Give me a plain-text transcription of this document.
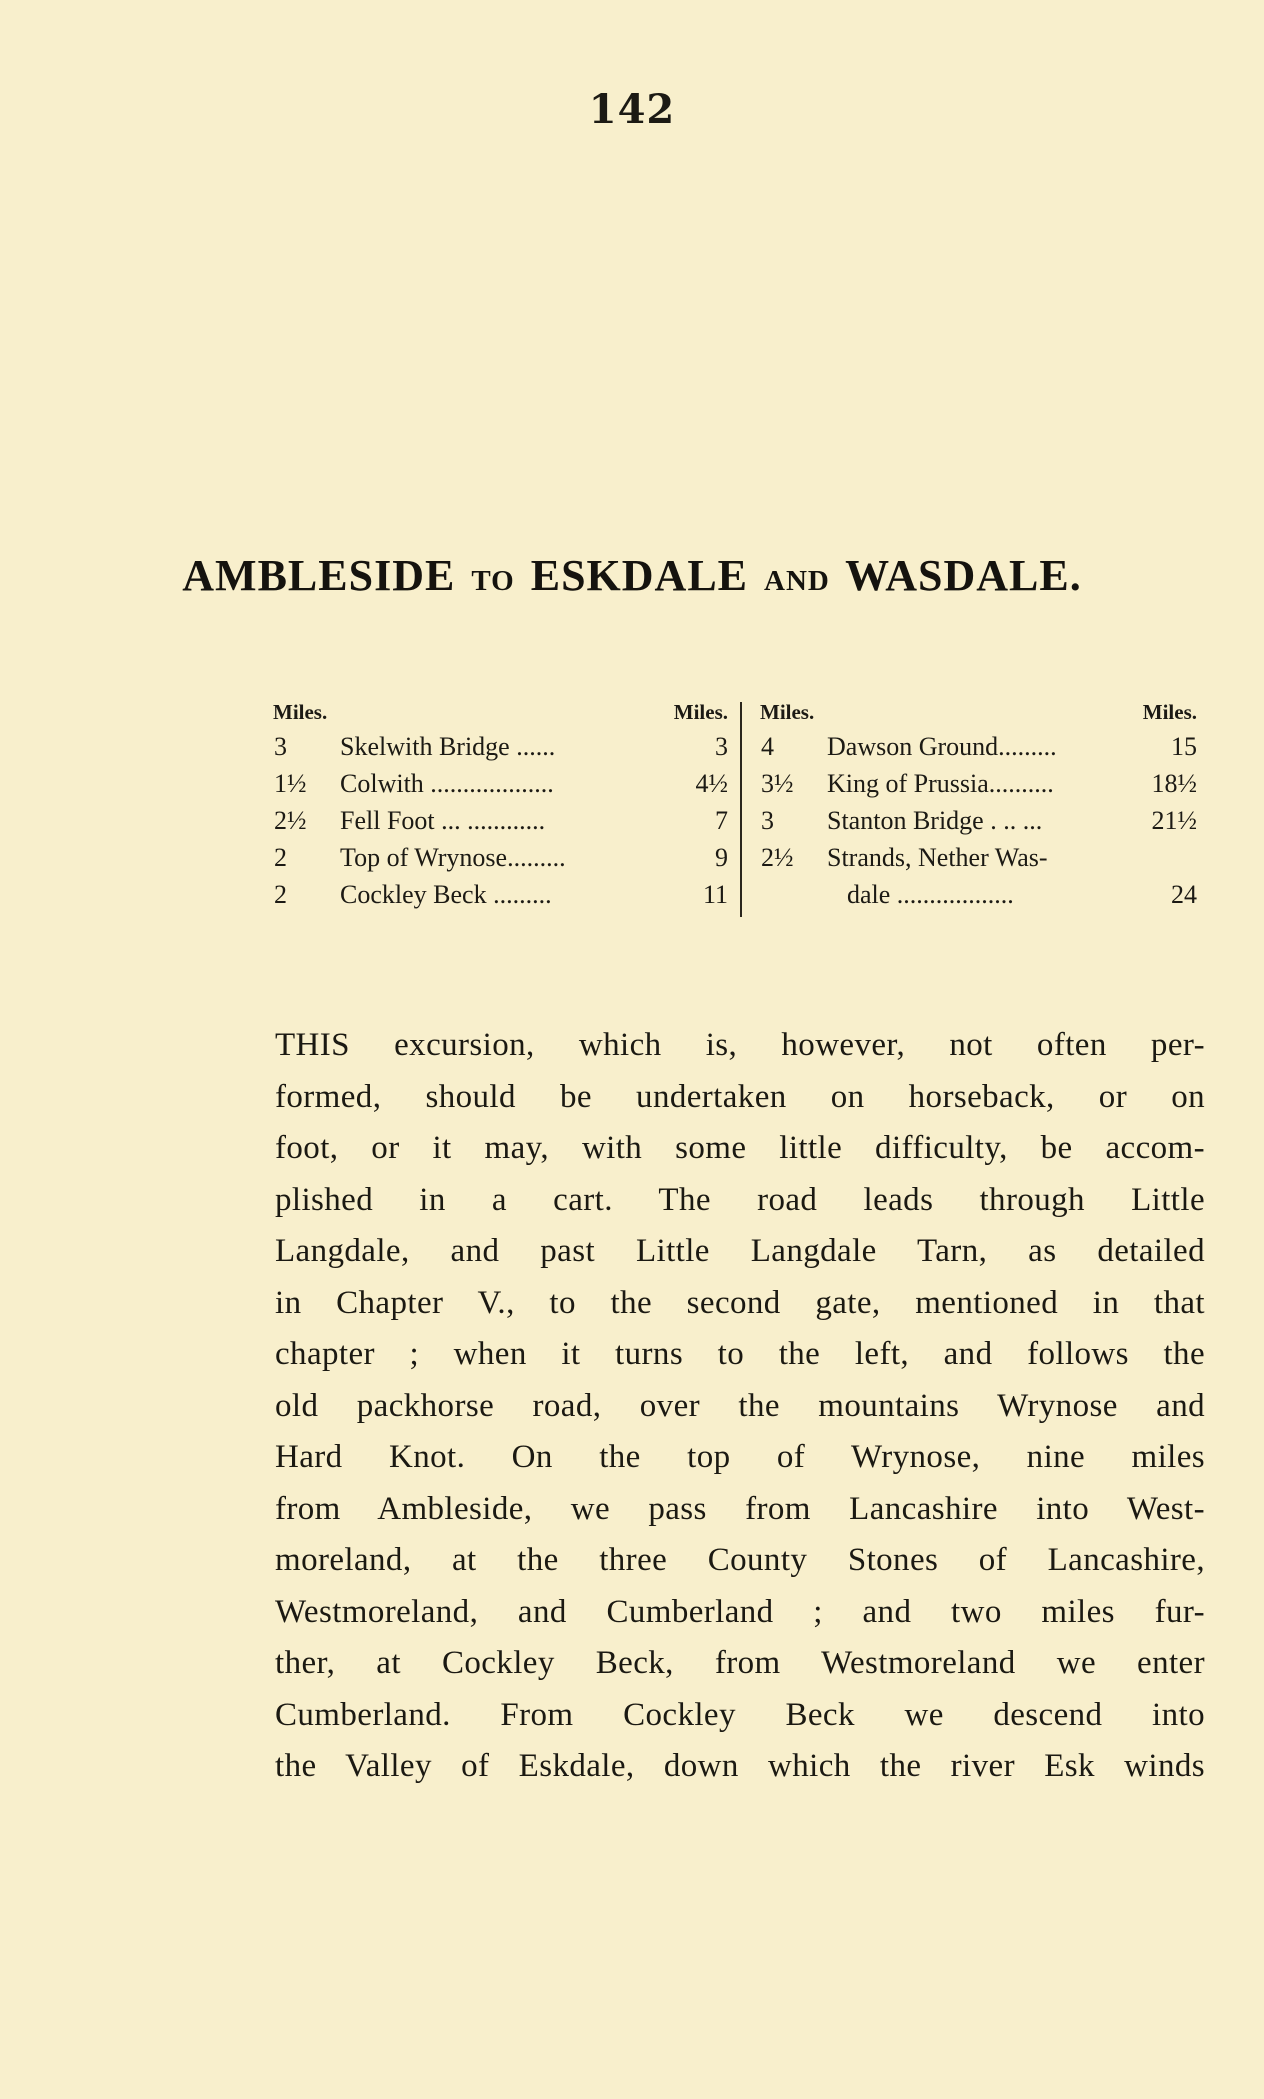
142
AMBLESIDE TO ESKDALE AND WASDALE.
Miles.	Miles.
3	Skelwith Bridge ......	3
1½	Colwith ...................	4½
2½	Fell Foot ... ............	7
2	Top of Wrynose.........	9
2	Cockley Beck .........	11
Miles.	Miles.
4	Dawson Ground.........	15
3½	King of Prussia..........	18½
3	Stanton Bridge . .. ...	21½
2½	Strands, Nether Was-
dale ..................	24
THIS excursion, which is, however, not often per-
formed, should be undertaken on horseback, or on
foot, or it may, with some little difficulty, be accom-
plished in a cart. The road leads through Little
Langdale, and past Little Langdale Tarn, as detailed
in Chapter V., to the second gate, mentioned in that
chapter ; when it turns to the left, and follows the
old packhorse road, over the mountains Wrynose and
Hard Knot. On the top of Wrynose, nine miles
from Ambleside, we pass from Lancashire into West-
moreland, at the three County Stones of Lancashire,
Westmoreland, and Cumberland ; and two miles fur-
ther, at Cockley Beck, from Westmoreland we enter
Cumberland. From Cockley Beck we descend into
the Valley of Eskdale, down which the river Esk winds
